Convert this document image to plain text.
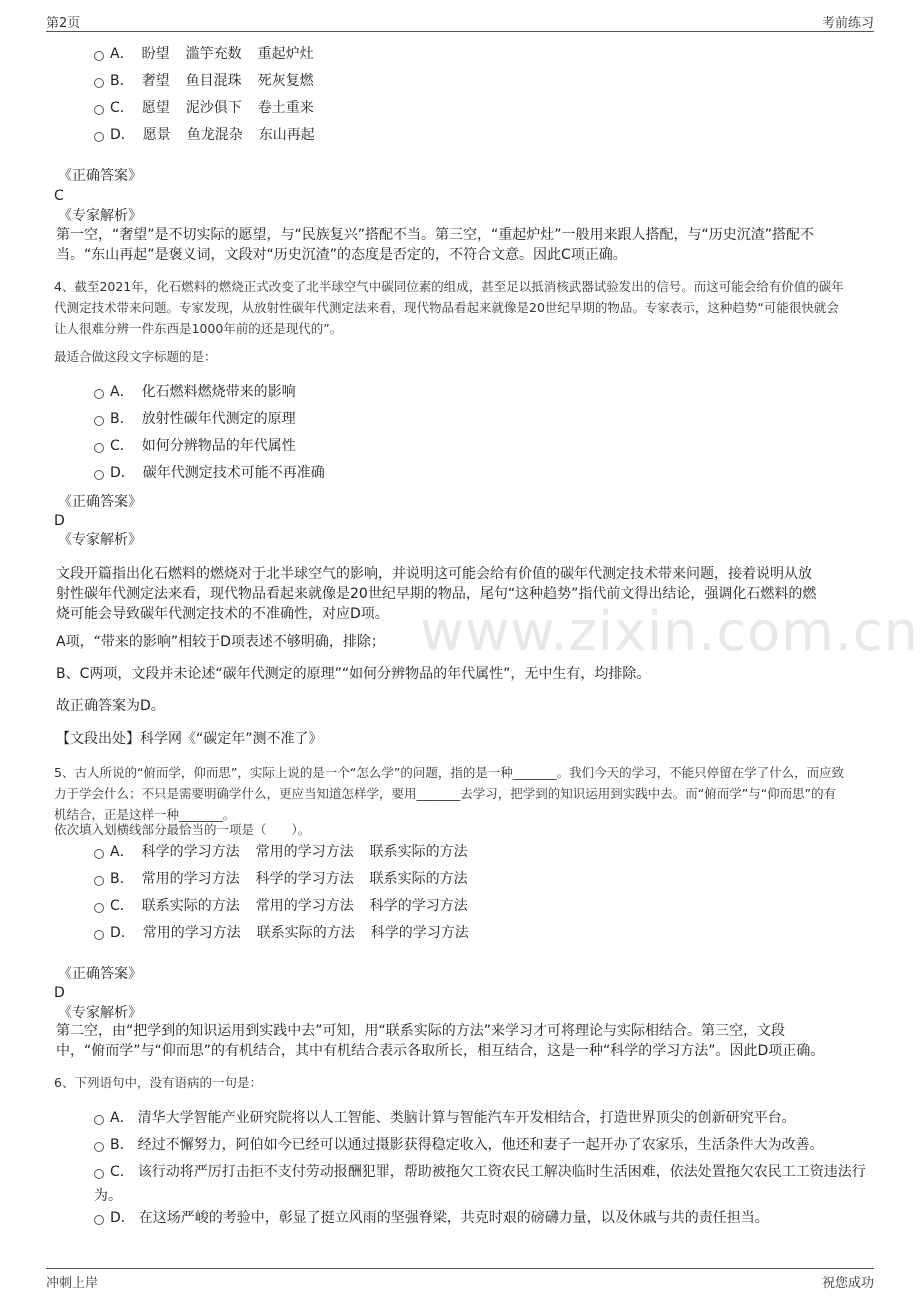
第2页	考前练习
www.zixin.com.cn
A． 盼望 滥竽充数 重起炉灶
B． 奢望 鱼目混珠 死灰复燃
C． 愿望 泥沙俱下 卷土重来
D． 愿景 鱼龙混杂 东山再起
《正确答案》
C
《专家解析》
第一空，“奢望”是不切实际的愿望，与“民族复兴”搭配不当。第三空，“重起炉灶”一般用来跟人搭配，与“历史沉渣”搭配不
当。“东山再起”是褒义词，文段对“历史沉渣”的态度是否定的，不符合文意。因此C项正确。
4、截至2021年，化石燃料的燃烧正式改变了北半球空气中碳同位素的组成，甚至足以抵消核武器试验发出的信号。而这可能会给有价值的碳年
代测定技术带来问题。专家发现，从放射性碳年代测定法来看，现代物品看起来就像是20世纪早期的物品。专家表示，这种趋势“可能很快就会
让人很难分辨一件东西是1000年前的还是现代的”。
最适合做这段文字标题的是：
A． 化石燃料燃烧带来的影响
B． 放射性碳年代测定的原理
C． 如何分辨物品的年代属性
D． 碳年代测定技术可能不再准确
《正确答案》
D
《专家解析》
文段开篇指出化石燃料的燃烧对于北半球空气的影响，并说明这可能会给有价值的碳年代测定技术带来问题，接着说明从放
射性碳年代测定法来看，现代物品看起来就像是20世纪早期的物品，尾句“这种趋势”指代前文得出结论，强调化石燃料的燃
烧可能会导致碳年代测定技术的不准确性，对应D项。
A项，“带来的影响”相较于D项表述不够明确，排除；
B、C两项，文段并未论述“碳年代测定的原理”“如何分辨物品的年代属性”，无中生有，均排除。
故正确答案为D。
【文段出处】科学网《“碳定年”测不准了》
5、古人所说的“俯而学，仰而思”，实际上说的是一个“怎么学”的问题，指的是一种_______。我们今天的学习，不能只停留在学了什么，而应致
力于学会什么；不只是需要明确学什么，更应当知道怎样学，要用_______去学习，把学到的知识运用到实践中去。而“俯而学”与“仰而思”的有
机结合，正是这样一种_______。
依次填入划横线部分最恰当的一项是（　　）。
A． 科学的学习方法 常用的学习方法 联系实际的方法
B． 常用的学习方法 科学的学习方法 联系实际的方法
C． 联系实际的方法 常用的学习方法 科学的学习方法
D． 常用的学习方法 联系实际的方法 科学的学习方法
《正确答案》
D
《专家解析》
第二空，由“把学到的知识运用到实践中去”可知，用“联系实际的方法”来学习才可将理论与实际相结合。第三空，文段
中，“俯而学”与“仰而思”的有机结合，其中有机结合表示各取所长，相互结合，这是一种“科学的学习方法”。因此D项正确。
6、下列语句中，没有语病的一句是：
A． 清华大学智能产业研究院将以人工智能、类脑计算与智能汽车开发相结合，打造世界顶尖的创新研究平台。
B． 经过不懈努力，阿伯如今已经可以通过摄影获得稳定收入，他还和妻子一起开办了农家乐，生活条件大为改善。
C． 该行动将严厉打击拒不支付劳动报酬犯罪，帮助被拖欠工资农民工解决临时生活困难，依法处置拖欠农民工工资违法行为。
D． 在这场严峻的考验中，彰显了挺立风雨的坚强脊梁，共克时艰的磅礴力量，以及休戚与共的责任担当。
冲刺上岸	祝您成功
